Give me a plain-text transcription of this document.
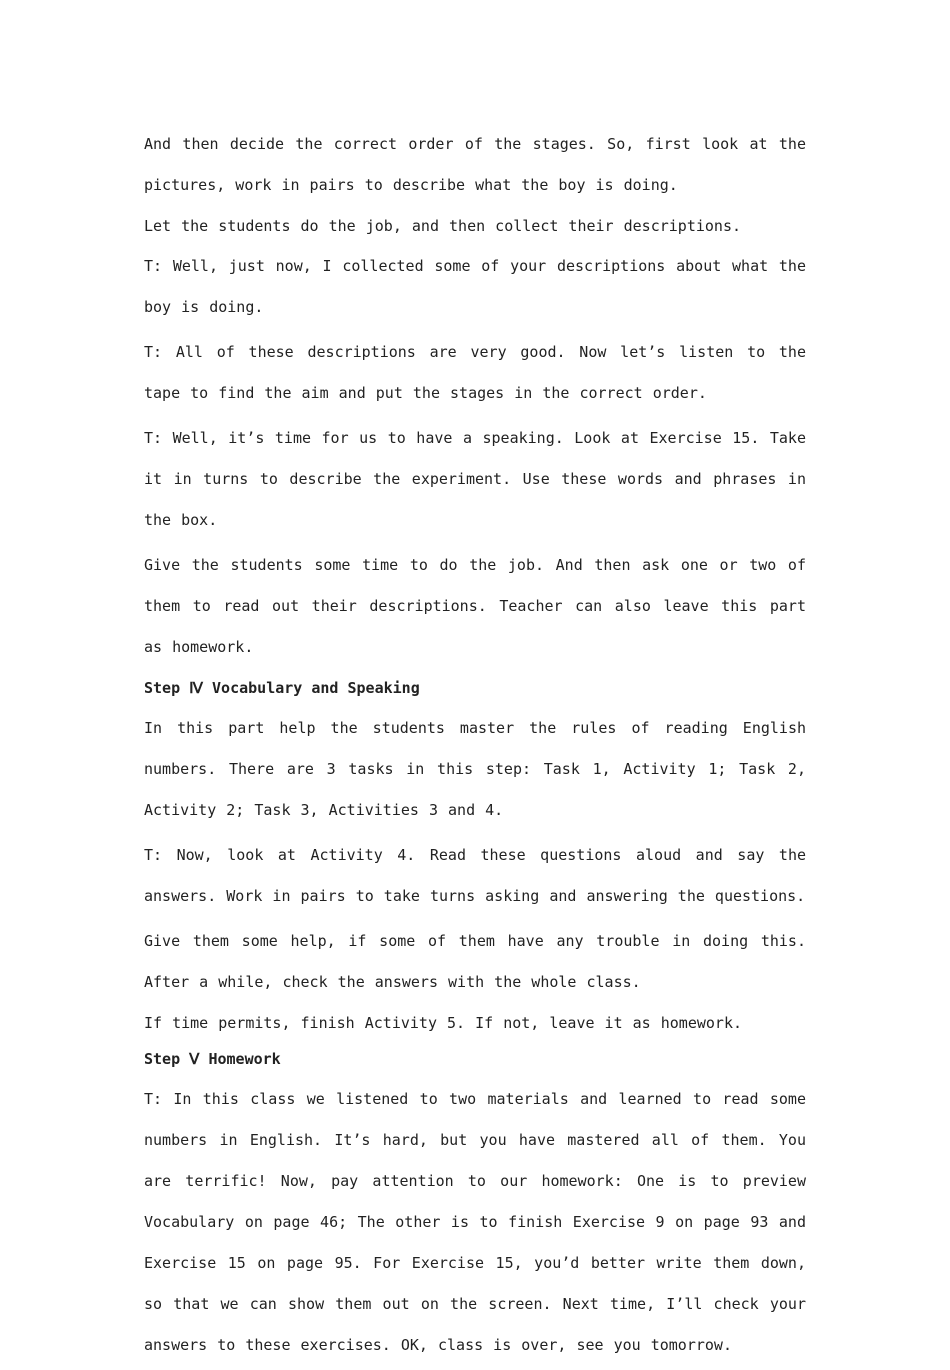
And then decide the correct order of the stages. So, first look at the pictures, work in pairs to describe what the boy is doing.

Let the students do the job, and then collect their descriptions.

T: Well, just now, I collected some of your descriptions about what the boy is doing.

T: All of these descriptions are very good. Now let’s listen to the tape to find the aim and put the stages in the correct order.

T: Well, it’s time for us to have a speaking. Look at Exercise 15. Take it in turns to describe the experiment. Use these words and phrases in the box.

Give the students some time to do the job. And then ask one or two of them to read out their descriptions. Teacher can also leave this part as homework.

Step Ⅳ Vocabulary and Speaking

In this part help the students master the rules of reading English numbers. There are 3 tasks in this step: Task 1, Activity 1; Task 2, Activity 2; Task 3, Activities 3 and 4.

T: Now, look at Activity 4. Read these questions aloud and say the answers. Work in pairs to take turns asking and answering the questions.

Give them some help, if some of them have any trouble in doing this. After a while, check the answers with the whole class.

If time permits, finish Activity 5. If not, leave it as homework.

Step Ⅴ Homework

T: In this class we listened to two materials and learned to read some numbers in English. It’s hard, but you have mastered all of them. You are terrific! Now, pay attention to our homework: One is to preview Vocabulary on page 46; The other is to finish Exercise 9 on page 93 and Exercise 15 on page 95. For Exercise 15, you’d better write them down, so that we can show them out on the screen. Next time, I’ll check your answers to these exercises. OK, class is over, see you tomorrow.
